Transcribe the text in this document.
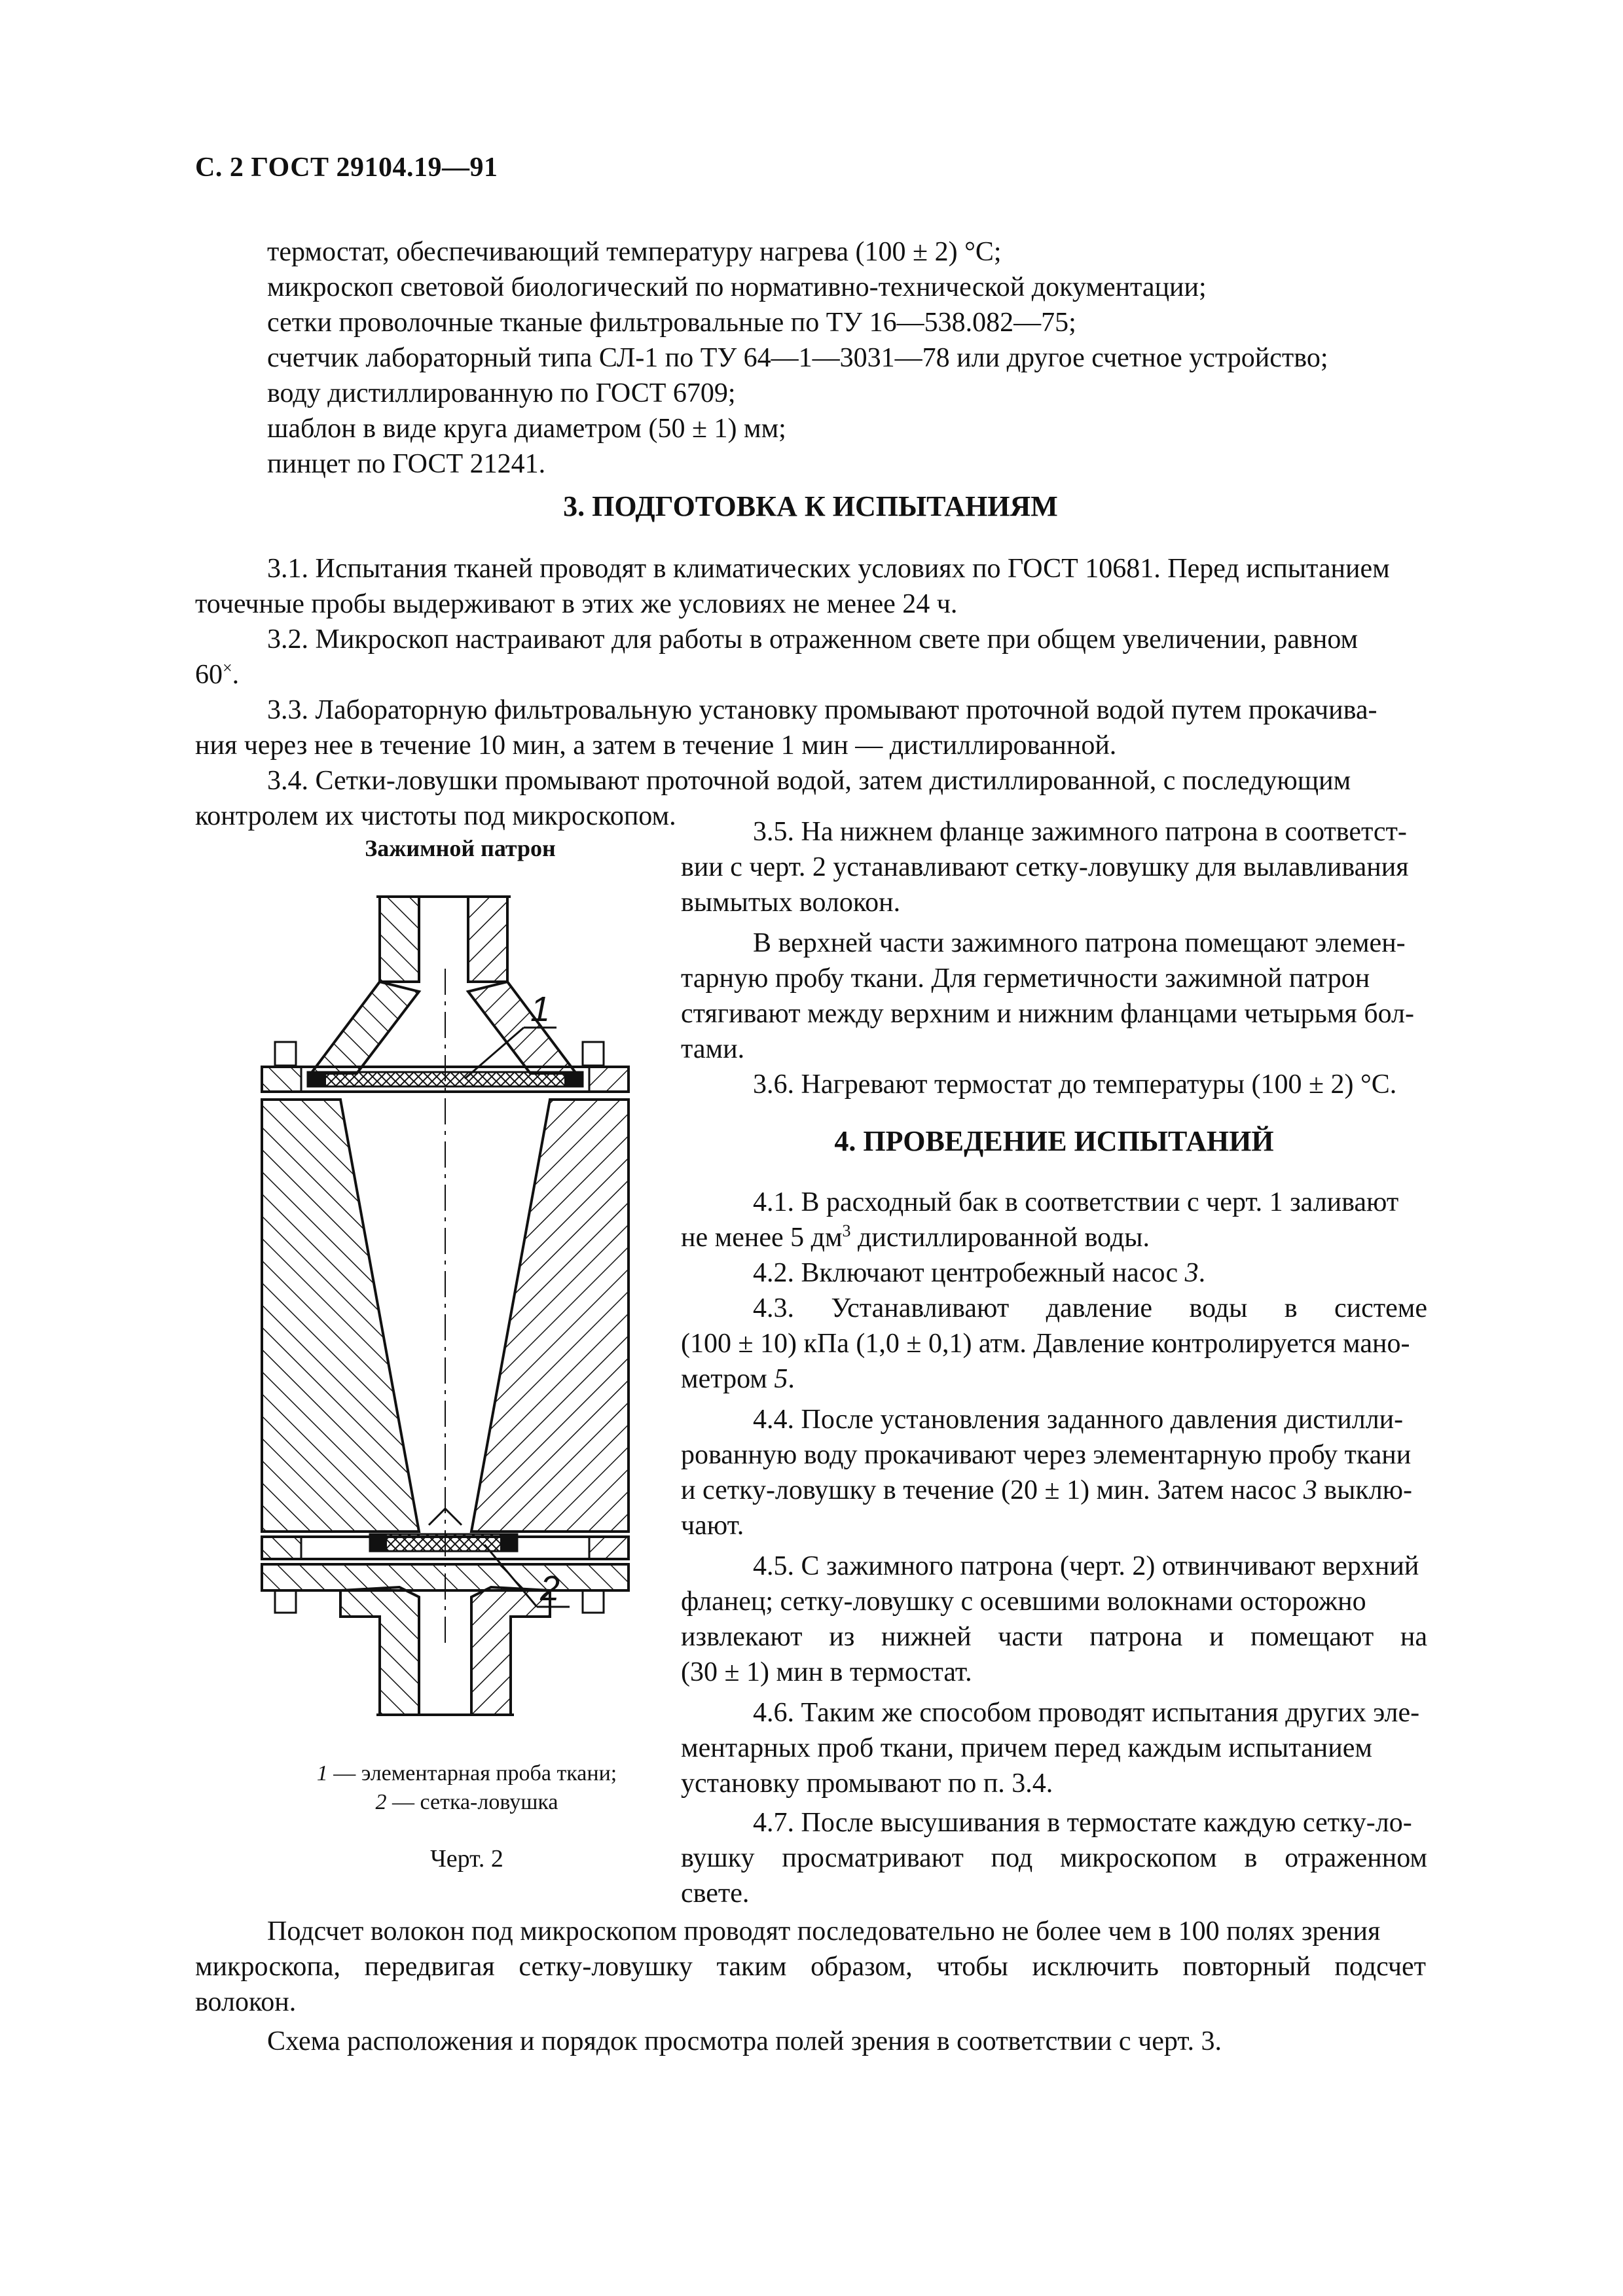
С. 2 ГОСТ 29104.19—91
термостат, обеспечивающий температуру нагрева (100 ± 2) °С;
микроскоп световой биологический по нормативно-технической документации;
сетки проволочные тканые фильтровальные по ТУ 16—538.082—75;
счетчик лабораторный типа СЛ-1 по ТУ 64—1—3031—78 или другое счетное устройство;
воду дистиллированную по ГОСТ 6709;
шаблон в виде круга диаметром (50 ± 1) мм;
пинцет по ГОСТ 21241.
3. ПОДГОТОВКА К ИСПЫТАНИЯМ
3.1. Испытания тканей проводят в климатических условиях по ГОСТ 10681. Перед испытанием
точечные пробы выдерживают в этих же условиях не менее 24 ч.
3.2. Микроскоп настраивают для работы в отраженном свете при общем увеличении, равном
60×.
3.3. Лабораторную фильтровальную установку промывают проточной водой путем прокачива-
ния через нее в течение 10 мин, а затем в течение 1 мин — дистиллированной.
3.4. Сетки-ловушки промывают проточной водой, затем дистиллированной, с последующим
контролем их чистоты под микроскопом.
3.5. На нижнем фланце зажимного патрона в соответст-
вии с черт. 2 устанавливают сетку-ловушку для вылавливания
вымытых волокон.
В верхней части зажимного патрона помещают элемен-
тарную пробу ткани. Для герметичности зажимной патрон
стягивают между верхним и нижним фланцами четырьмя бол-
тами.
3.6. Нагревают термостат до температуры (100 ± 2) °С.
4. ПРОВЕДЕНИЕ ИСПЫТАНИЙ
4.1. В расходный бак в соответствии с черт. 1 заливают
не менее 5 $дм^3$ дистиллированной воды.
4.2. Включают центробежный насос 3.
4.3. Устанавливают давление воды в системе
(100 ± 10) кПа (1,0 ± 0,1) атм. Давление контролируется мано-
метром 5.
4.4. После установления заданного давления дистилли-
рованную воду прокачивают через элементарную пробу ткани
и сетку-ловушку в течение (20 ± 1) мин. Затем насос 3 выклю-
чают.
4.5. С зажимного патрона (черт. 2) отвинчивают верхний
фланец; сетку-ловушку с осевшими волокнами осторожно
извлекают из нижней части патрона и помещают на
(30 ± 1) мин в термостат.
4.6. Таким же способом проводят испытания других эле-
ментарных проб ткани, причем перед каждым испытанием
установку промывают по п. 3.4.
4.7. После высушивания в термостате каждую сетку-ло-
вушку просматривают под микроскопом в отраженном
свете.
Подсчет волокон под микроскопом проводят последовательно не более чем в 100 полях зрения
микроскопа, передвигая сетку-ловушку таким образом, чтобы исключить повторный подсчет
волокон.
Схема расположения и порядок просмотра полей зрения в соответствии с черт. 3.
Зажимной патрон
1
2
1 — элементарная проба ткани;
2 — сетка-ловушка
Черт. 2
